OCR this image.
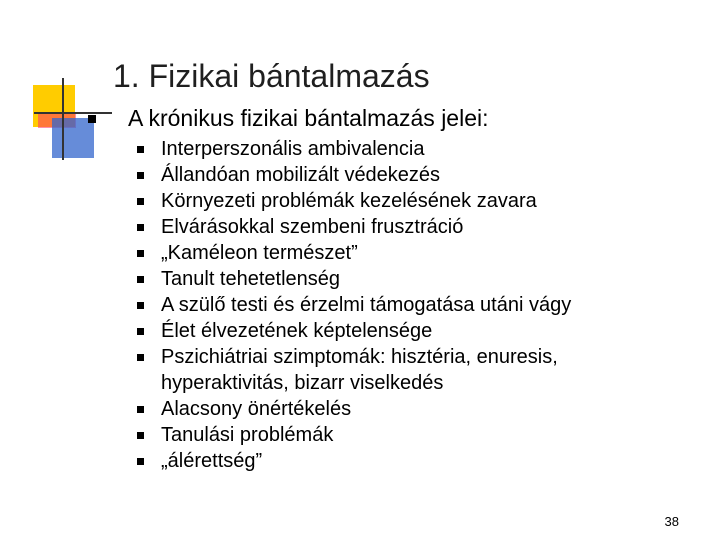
1. Fizikai bántalmazás
A krónikus fizikai bántalmazás jelei:
Interperszonális ambivalencia
Állandóan mobilizált védekezés
Környezeti problémák kezelésének zavara
Elvárásokkal szembeni frusztráció
„Kaméleon természet”
Tanult tehetetlenség
A szülő testi és érzelmi támogatása utáni vágy
Élet élvezetének képtelensége
Pszichiátriai szimptomák: hisztéria, enuresis, hyperaktivitás, bizarr viselkedés
Alacsony önértékelés
Tanulási problémák
„álérettség”
38
